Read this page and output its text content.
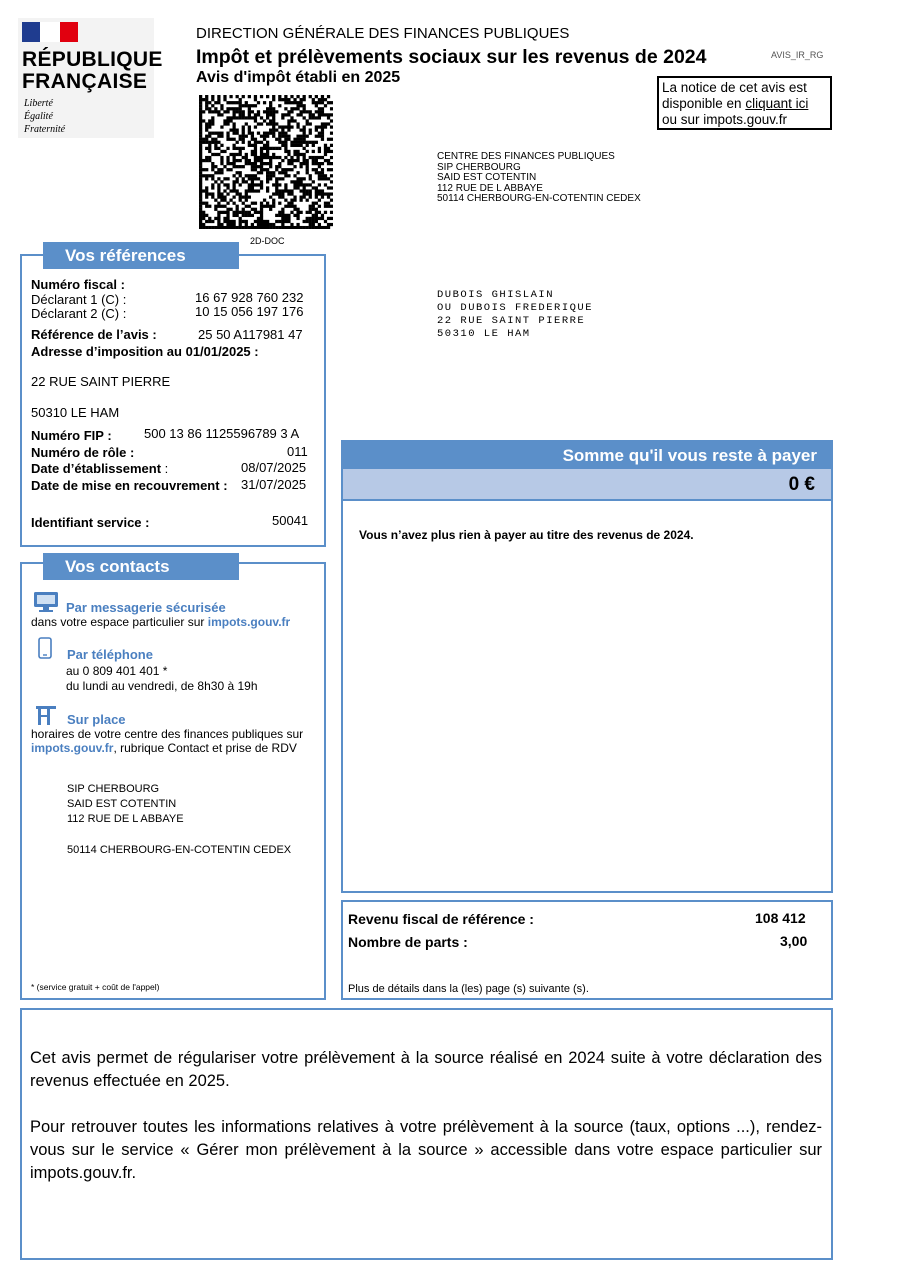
RÉPUBLIQUE
FRANÇAISE
Liberté
Égalité
Fraternité
DIRECTION GÉNÉRALE DES FINANCES PUBLIQUES
Impôt et prélèvements sociaux sur les revenus de 2024	AVIS_IR_RG
Avis d'impôt établi en 2025
La notice de cet avis est disponible en cliquant ici ou sur impots.gouv.fr
2D-DOC
CENTRE DES FINANCES PUBLIQUES
SIP CHERBOURG
SAID EST COTENTIN
112 RUE DE L ABBAYE
50114 CHERBOURG-EN-COTENTIN CEDEX
DUBOIS GHISLAIN
OU DUBOIS FREDERIQUE
22 RUE SAINT PIERRE
50310 LE HAM
Vos références
Numéro fiscal :
Déclarant 1 (C) :	16 67 928 760 232
Déclarant 2 (C) :	10 15 056 197 176
Référence de l’avis :	25 50 A117981 47
Adresse d’imposition au 01/01/2025 :
22 RUE SAINT PIERRE
50310 LE HAM
Numéro FIP : 500 13 86 1125596789 3 A
Numéro de rôle :	011
Date d’établissement :	08/07/2025
Date de mise en recouvrement : 31/07/2025
Identifiant service :	50041
Vos contacts
Par messagerie sécurisée
dans votre espace particulier sur impots.gouv.fr
Par téléphone
au 0 809 401 401 *
du lundi au vendredi, de 8h30 à 19h
Sur place
horaires de votre centre des finances publiques sur
impots.gouv.fr, rubrique Contact et prise de RDV
SIP CHERBOURG
SAID EST COTENTIN
112 RUE DE L ABBAYE
50114 CHERBOURG-EN-COTENTIN CEDEX
* (service gratuit + coût de l'appel)
Somme qu'il vous reste à payer
0 €
Vous n’avez plus rien à payer au titre des revenus de 2024.
Revenu fiscal de référence :	108 412
Nombre de parts :	3,00
Plus de détails dans la (les) page (s) suivante (s).
Cet avis permet de régulariser votre prélèvement à la source réalisé en 2024 suite à votre déclaration des revenus effectuée en 2025.
Pour retrouver toutes les informations relatives à votre prélèvement à la source (taux, options ...), rendez-vous sur le service « Gérer mon prélèvement à la source » accessible dans votre espace particulier sur impots.gouv.fr.
